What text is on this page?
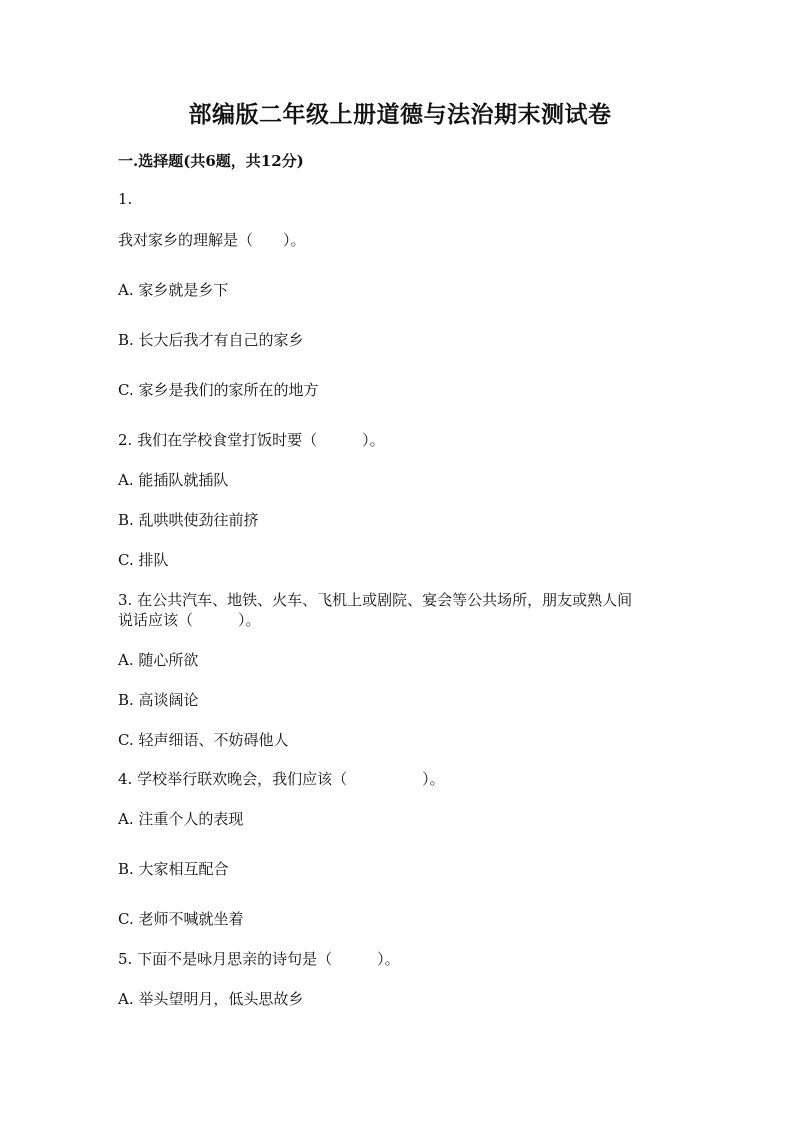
部编版二年级上册道德与法治期末测试卷
一.选择题(共6题，共12分)
1.
我对家乡的理解是（　　）。
A. 家乡就是乡下
B. 长大后我才有自己的家乡
C. 家乡是我们的家所在的地方
2. 我们在学校食堂打饭时要（　　　）。
A. 能插队就插队
B. 乱哄哄使劲往前挤
C. 排队
3. 在公共汽车、地铁、火车、飞机上或剧院、宴会等公共场所，朋友或熟人间
说话应该（　　　）。
A. 随心所欲
B. 高谈阔论
C. 轻声细语、不妨碍他人
4. 学校举行联欢晚会，我们应该（　　　　　）。
A. 注重个人的表现
B. 大家相互配合
C. 老师不喊就坐着
5. 下面不是咏月思亲的诗句是（　　　）。
A. 举头望明月，低头思故乡
